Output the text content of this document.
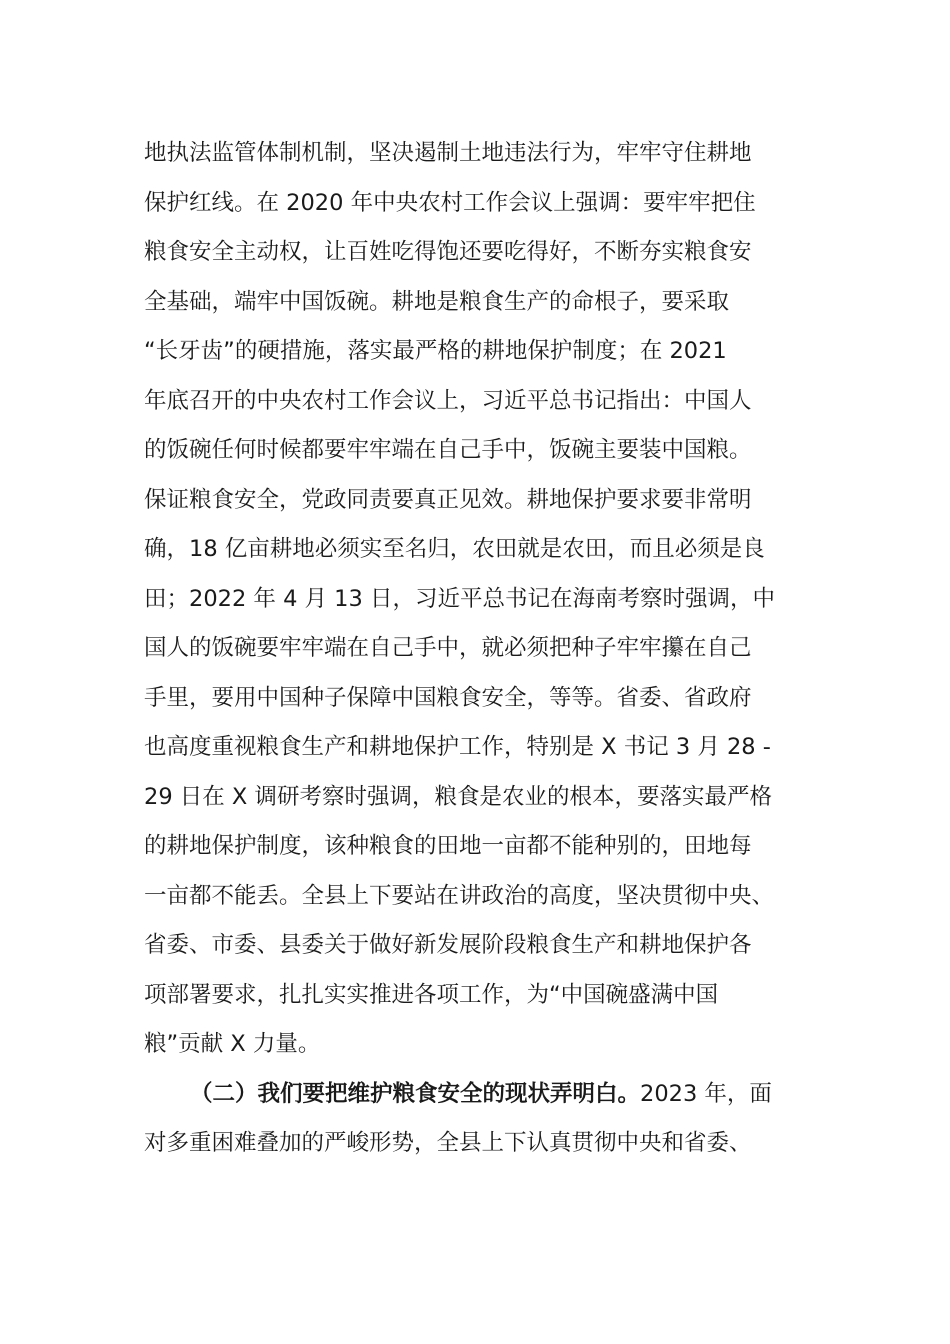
地执法监管体制机制，坚决遏制土地违法行为，牢牢守住耕地
保护红线。在 2020 年中央农村工作会议上强调：要牢牢把住
粮食安全主动权，让百姓吃得饱还要吃得好，不断夯实粮食安
全基础，端牢中国饭碗。耕地是粮食生产的命根子，要采取
“长牙齿”的硬措施，落实最严格的耕地保护制度；在 2021
年底召开的中央农村工作会议上，习近平总书记指出：中国人
的饭碗任何时候都要牢牢端在自己手中，饭碗主要装中国粮。
保证粮食安全，党政同责要真正见效。耕地保护要求要非常明
确，18 亿亩耕地必须实至名归，农田就是农田，而且必须是良
田；2022 年 4 月 13 日，习近平总书记在海南考察时强调，中
国人的饭碗要牢牢端在自己手中，就必须把种子牢牢攥在自己
手里，要用中国种子保障中国粮食安全，等等。省委、省政府
也高度重视粮食生产和耕地保护工作，特别是 X 书记 3 月 28 -
29 日在 X 调研考察时强调，粮食是农业的根本，要落实最严格
的耕地保护制度，该种粮食的田地一亩都不能种别的，田地每
一亩都不能丢。全县上下要站在讲政治的高度，坚决贯彻中央、
省委、市委、县委关于做好新发展阶段粮食生产和耕地保护各
项部署要求，扎扎实实推进各项工作，为“中国碗盛满中国
粮”贡献 X 力量。
（二）我们要把维护粮食安全的现状弄明白。2023 年，面
对多重困难叠加的严峻形势，全县上下认真贯彻中央和省委、
